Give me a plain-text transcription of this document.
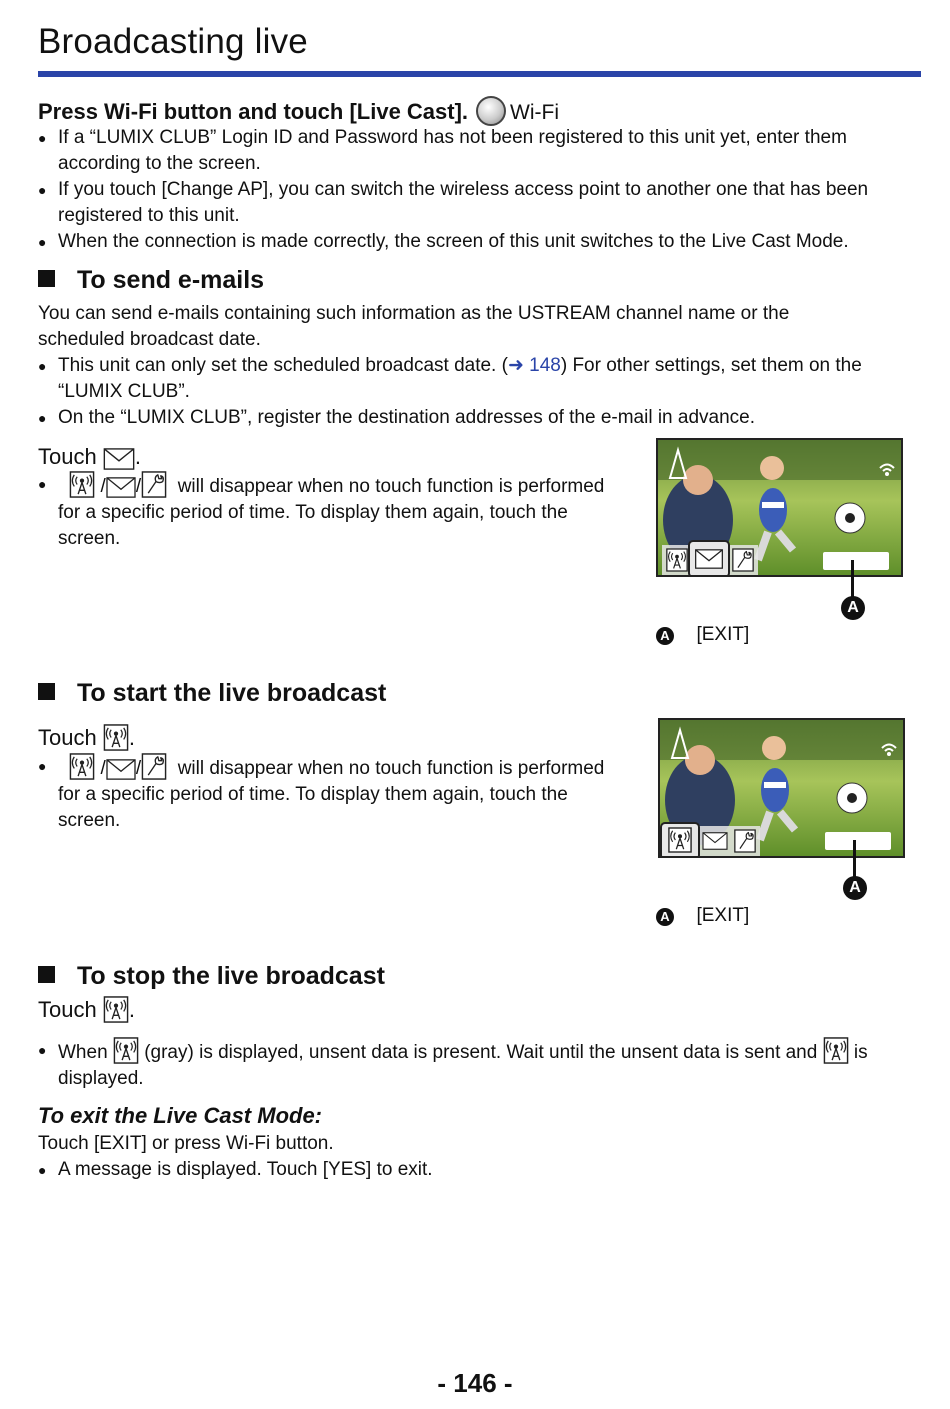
Broadcasting live
Press Wi-Fi button and touch [Live Cast]. Wi-Fi
● If a “LUMIX CLUB” Login ID and Password has not been registered to this unit yet, enter them according to the screen.
● If you touch [Change AP], you can switch the wireless access point to another one that has been registered to this unit.
● When the connection is made correctly, the screen of this unit switches to the Live Cast Mode.
To send e-mails
You can send e-mails containing such information as the USTREAM channel name or the scheduled broadcast date.
● This unit can only set the scheduled broadcast date. (➜ 148) For other settings, set them on the “LUMIX CLUB”.
● On the “LUMIX CLUB”, register the destination addresses of the e-mail in advance.
Touch .
●	/ / will disappear when no touch function is performed for a specific period of time. To display them again, touch the screen.
A
A [EXIT]
To start the live broadcast
Touch .
●	/ / will disappear when no touch function is performed for a specific period of time. To display them again, touch the screen.
A
A [EXIT]
To stop the live broadcast
Touch .
● When (gray) is displayed, unsent data is present. Wait until the unsent data is sent and is displayed.
To exit the Live Cast Mode:
Touch [EXIT] or press Wi-Fi button.
● A message is displayed. Touch [YES] to exit.
- 146 -
